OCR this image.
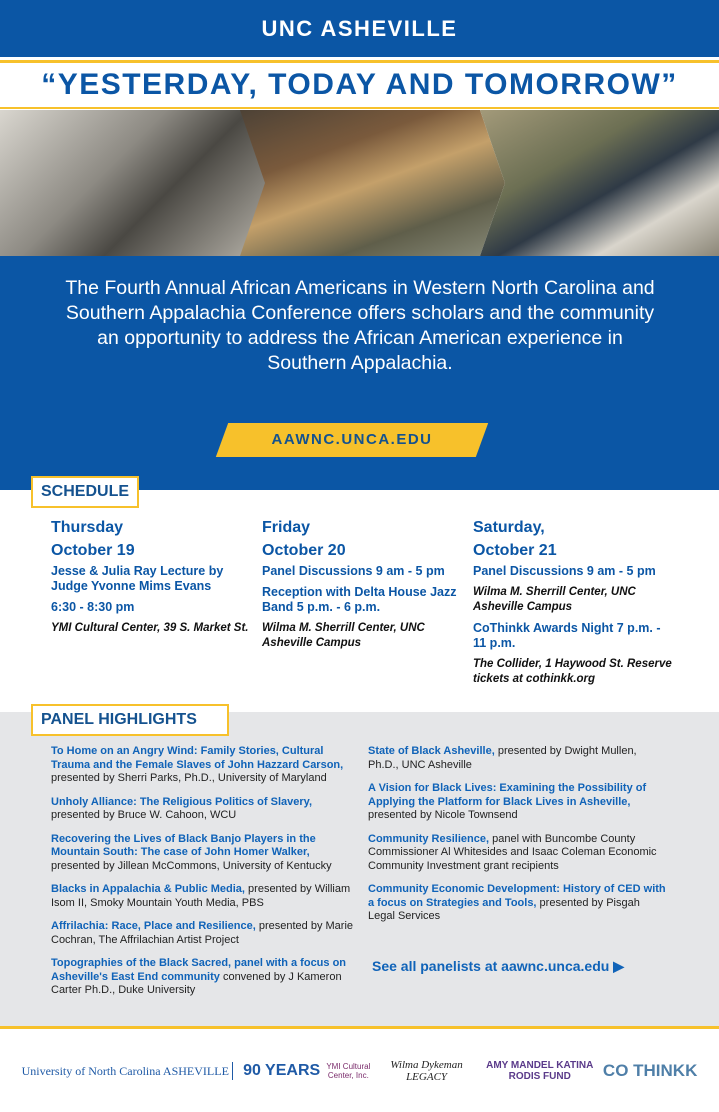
UNC ASHEVILLE
“YESTERDAY, TODAY AND TOMORROW”
The Fourth Annual African Americans in Western North Carolina and Southern Appalachia Conference offers scholars and the community an opportunity to address the African American experience in Southern Appalachia.
AAWNC.UNCA.EDU
SCHEDULE
Thursday
October 19
Jesse & Julia Ray Lecture by Judge Yvonne Mims Evans
6:30 - 8:30 pm
YMI Cultural Center, 39 S. Market St.
Friday
October 20
Panel Discussions 9 am - 5 pm
Reception with Delta House Jazz Band 5 p.m. - 6 p.m.
Wilma M. Sherrill Center, UNC Asheville Campus
Saturday,
October 21
Panel Discussions 9 am - 5 pm
Wilma M. Sherrill Center, UNC Asheville Campus
CoThinkk Awards Night 7 p.m. - 11 p.m.
The Collider, 1 Haywood St. Reserve tickets at cothinkk.org
PANEL HIGHLIGHTS
To Home on an Angry Wind: Family Stories, Cultural Trauma and the Female Slaves of John Hazzard Carson, presented by Sherri Parks, Ph.D., University of Maryland
Unholy Alliance: The Religious Politics of Slavery, presented by Bruce W. Cahoon, WCU
Recovering the Lives of Black Banjo Players in the Mountain South: The case of John Homer Walker, presented by Jillean McCommons, University of Kentucky
Blacks in Appalachia & Public Media, presented by William Isom II, Smoky Mountain Youth Media, PBS
Affrilachia: Race, Place and Resilience, presented by Marie Cochran, The Affrilachian Artist Project
Topographies of the Black Sacred, panel with a focus on Asheville's East End community convened by J Kameron Carter Ph.D., Duke University
State of Black Asheville, presented by Dwight Mullen, Ph.D., UNC Asheville
A Vision for Black Lives: Examining the Possibility of Applying the Platform for Black Lives in Asheville, presented by Nicole Townsend
Community Resilience, panel with Buncombe County Commissioner Al Whitesides and Isaac Coleman Economic Community Investment grant recipients
Community Economic Development: History of CED with a focus on Strategies and Tools, presented by Pisgah Legal Services
See all panelists at aawnc.unca.edu ▶
University of North Carolina ASHEVILLE 90 YEARS YMI Cultural Center, Inc.
Wilma Dykeman LEGACY
AMY MANDEL KATINA RODIS FUND	CO THINKK
